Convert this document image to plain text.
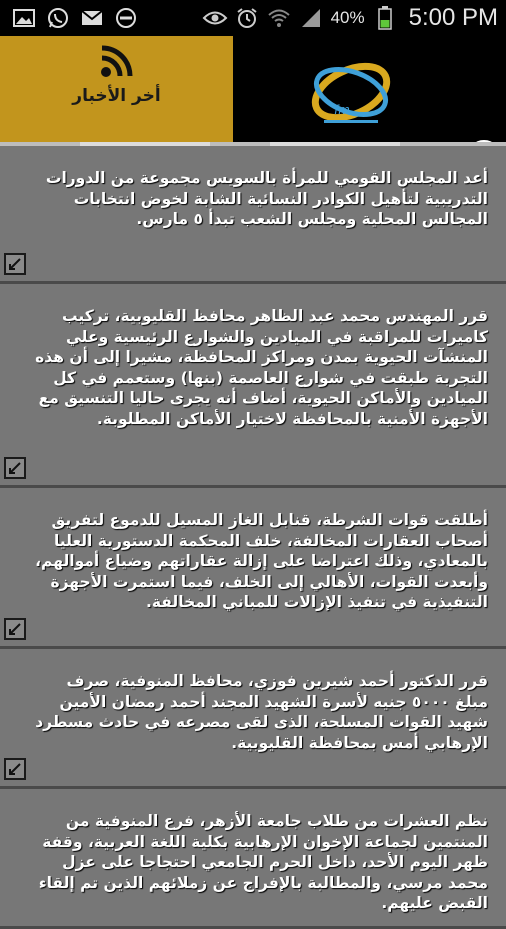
40% 5:00 PM
أخر الأخبار
fm
أعد المجلس القومي للمرأة بالسويس مجموعة من الدورات التدريبية لتأهيل الكوادر النسائية الشابة لخوض انتخابات المجالس المحلية ومجلس الشعب تبدأ ٥ مارس.
قرر المهندس محمد عبد الظاهر محافظ القليوبية، تركيب كاميرات للمراقبة في الميادين والشوارع الرئيسية وعلي المنشآت الحيوية بمدن ومراكز المحافظة، مشيرا إلى أن هذه التجربة طبقت في شوارع العاصمة (بنها) وستعمم في كل الميادين والأماكن الحيوية، أضاف أنه يجرى حاليا التنسيق مع الأجهزة الأمنية بالمحافظة لاختيار الأماكن المطلوبة.
أطلقت قوات الشرطة، قنابل الغاز المسيل للدموع لتفريق أصحاب العقارات المخالفة، خلف المحكمة الدستورية العليا بالمعادي، وذلك اعتراضا على إزالة عقاراتهم وضياع أموالهم، وأبعدت القوات، الأهالي إلى الخلف، فيما استمرت الأجهزة التنفيذية في تنفيذ الإزالات للمباني المخالفة.
قرر الدكتور أحمد شيرين فوزي، محافظ المنوفية، صرف مبلغ ٥٠٠٠ جنيه لأسرة الشهيد المجند أحمد رمضان الأمين شهيد القوات المسلحة، الذى لقى مصرعه في حادث مسطرد الإرهابي أمس بمحافظة القليوبية.
نظم العشرات من طلاب جامعة الأزهر، فرع المنوفية من المنتمين لجماعة الإخوان الإرهابية بكلية اللغة العربية، وقفة ظهر اليوم الأحد، داخل الحرم الجامعي احتجاجا على عزل محمد مرسي، والمطالبة بالإفراج عن زملائهم الذين تم إلقاء القبض عليهم.
